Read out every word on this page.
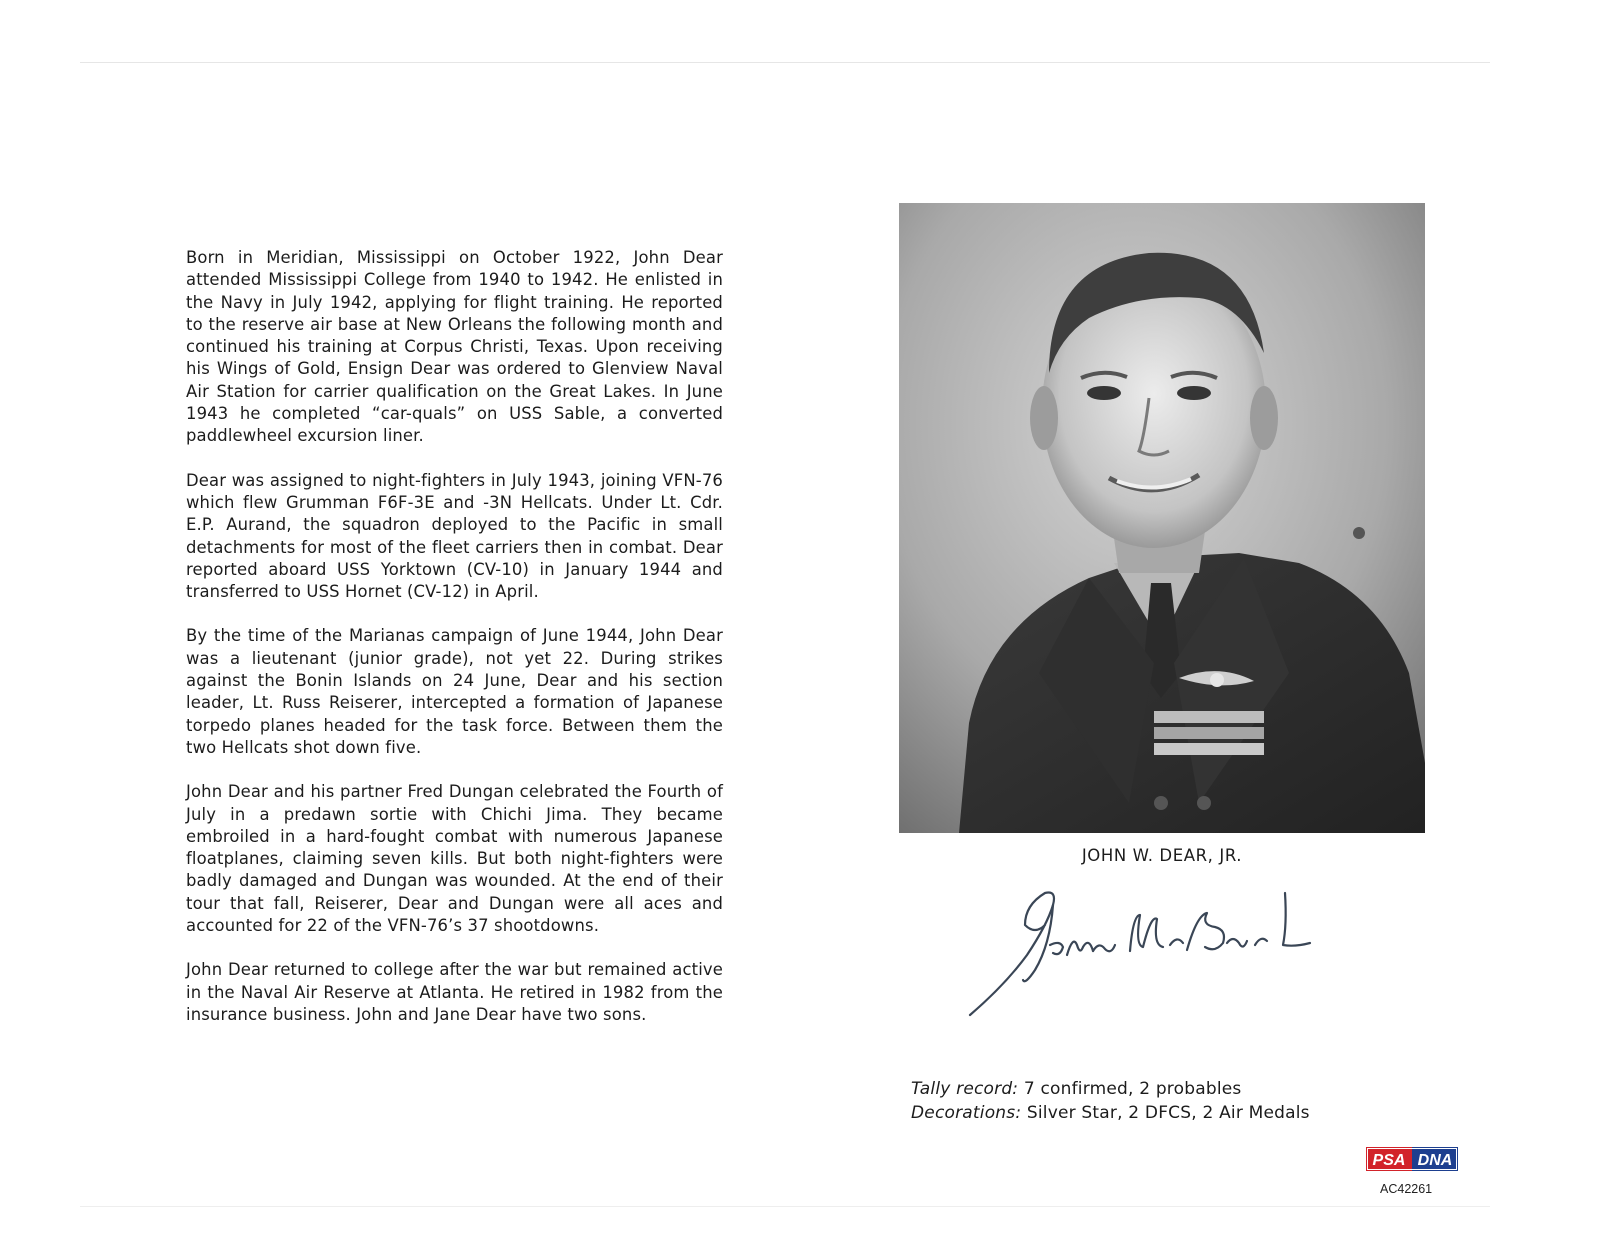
Born in Meridian, Mississippi on October 1922, John Dear attended Mississippi College from 1940 to 1942. He enlisted in the Navy in July 1942, applying for flight training. He reported to the reserve air base at New Orleans the following month and continued his training at Corpus Christi, Texas. Upon receiving his Wings of Gold, Ensign Dear was ordered to Glenview Naval Air Station for carrier qualification on the Great Lakes. In June 1943 he completed “car-quals” on USS Sable, a converted paddlewheel excursion liner.

Dear was assigned to night-fighters in July 1943, joining VFN-76 which flew Grumman F6F-3E and -3N Hellcats. Under Lt. Cdr. E.P. Aurand, the squadron deployed to the Pacific in small detachments for most of the fleet carriers then in combat. Dear reported aboard USS Yorktown (CV-10) in January 1944 and transferred to USS Hornet (CV-12) in April.

By the time of the Marianas campaign of June 1944, John Dear was a lieutenant (junior grade), not yet 22. During strikes against the Bonin Islands on 24 June, Dear and his section leader, Lt. Russ Reiserer, intercepted a formation of Japanese torpedo planes headed for the task force. Between them the two Hellcats shot down five.

John Dear and his partner Fred Dungan celebrated the Fourth of July in a predawn sortie with Chichi Jima. They became embroiled in a hard-fought combat with numerous Japanese floatplanes, claiming seven kills. But both night-fighters were badly damaged and Dungan was wounded. At the end of their tour that fall, Reiserer, Dear and Dungan were all aces and accounted for 22 of the VFN-76’s 37 shootdowns.

John Dear returned to college after the war but remained active in the Naval Air Reserve at Atlanta. He retired in 1982 from the insurance business. John and Jane Dear have two sons.

JOHN W. DEAR, JR.
Tally record: 7 confirmed, 2 probables
Decorations: Silver Star, 2 DFCS, 2 Air Medals
PSA DNA
AC42261
